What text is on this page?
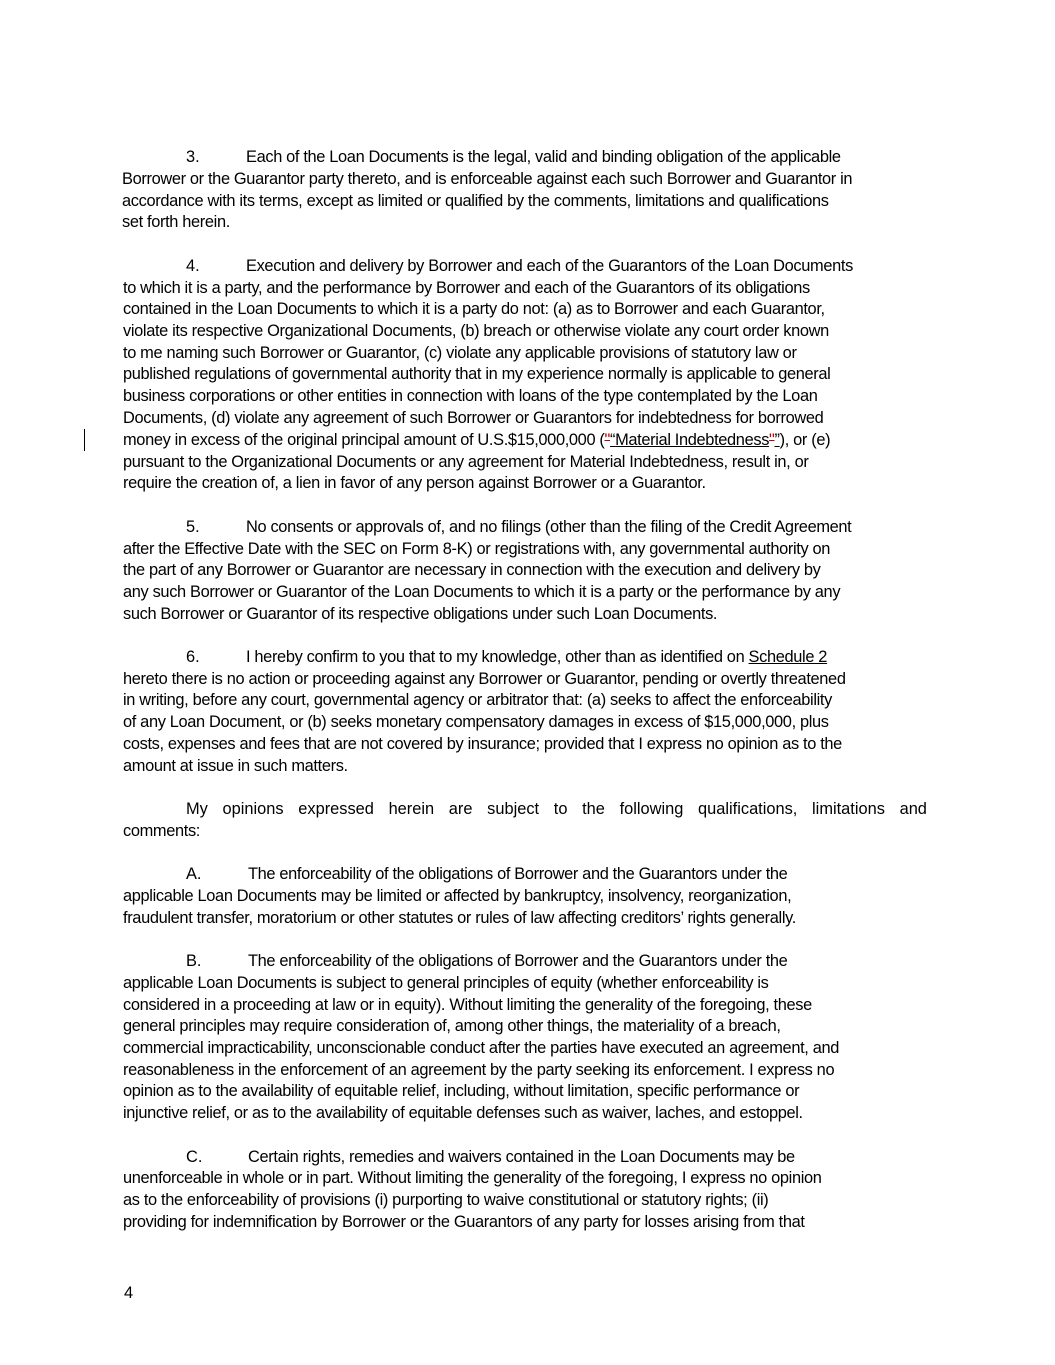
3.	Each of the Loan Documents is the legal, valid and binding obligation of the applicable
Borrower or the Guarantor party thereto, and is enforceable against each such Borrower and Guarantor in
accordance with its terms, except as limited or qualified by the comments, limitations and qualifications
set forth herein.
4.	Execution and delivery by Borrower and each of the Guarantors of the Loan Documents
to which it is a party, and the performance by Borrower and each of the Guarantors of its obligations
contained in the Loan Documents to which it is a party do not: (a) as to Borrower and each Guarantor,
violate its respective Organizational Documents, (b) breach or otherwise violate any court order known
to me naming such Borrower or Guarantor, (c) violate any applicable provisions of statutory law or
published regulations of governmental authority that in my experience normally is applicable to general
business corporations or other entities in connection with loans of the type contemplated by the Loan
Documents, (d) violate any agreement of such Borrower or Guarantors for indebtedness for borrowed
money in excess of the original principal amount of U.S.$15,000,000 ("“Material Indebtedness"”), or (e)
pursuant to the Organizational Documents or any agreement for Material Indebtedness, result in, or
require the creation of, a lien in favor of any person against Borrower or a Guarantor.
5.	No consents or approvals of, and no filings (other than the filing of the Credit Agreement
after the Effective Date with the SEC on Form 8-K) or registrations with, any governmental authority on
the part of any Borrower or Guarantor are necessary in connection with the execution and delivery by
any such Borrower or Guarantor of the Loan Documents to which it is a party or the performance by any
such Borrower or Guarantor of its respective obligations under such Loan Documents.
6.	I hereby confirm to you that to my knowledge, other than as identified on Schedule 2
hereto there is no action or proceeding against any Borrower or Guarantor, pending or overtly threatened
in writing, before any court, governmental agency or arbitrator that: (a) seeks to affect the enforceability
of any Loan Document, or (b) seeks monetary compensatory damages in excess of $15,000,000, plus
costs, expenses and fees that are not covered by insurance; provided that I express no opinion as to the
amount at issue in such matters.
My opinions expressed herein are subject to the following qualifications, limitations and
comments:
A.	The enforceability of the obligations of Borrower and the Guarantors under the
applicable Loan Documents may be limited or affected by bankruptcy, insolvency, reorganization,
fraudulent transfer, moratorium or other statutes or rules of law affecting creditors’ rights generally.
B.	The enforceability of the obligations of Borrower and the Guarantors under the
applicable Loan Documents is subject to general principles of equity (whether enforceability is
considered in a proceeding at law or in equity). Without limiting the generality of the foregoing, these
general principles may require consideration of, among other things, the materiality of a breach,
commercial impracticability, unconscionable conduct after the parties have executed an agreement, and
reasonableness in the enforcement of an agreement by the party seeking its enforcement. I express no
opinion as to the availability of equitable relief, including, without limitation, specific performance or
injunctive relief, or as to the availability of equitable defenses such as waiver, laches, and estoppel.
C.	Certain rights, remedies and waivers contained in the Loan Documents may be
unenforceable in whole or in part. Without limiting the generality of the foregoing, I express no opinion
as to the enforceability of provisions (i) purporting to waive constitutional or statutory rights; (ii)
providing for indemnification by Borrower or the Guarantors of any party for losses arising from that
4
